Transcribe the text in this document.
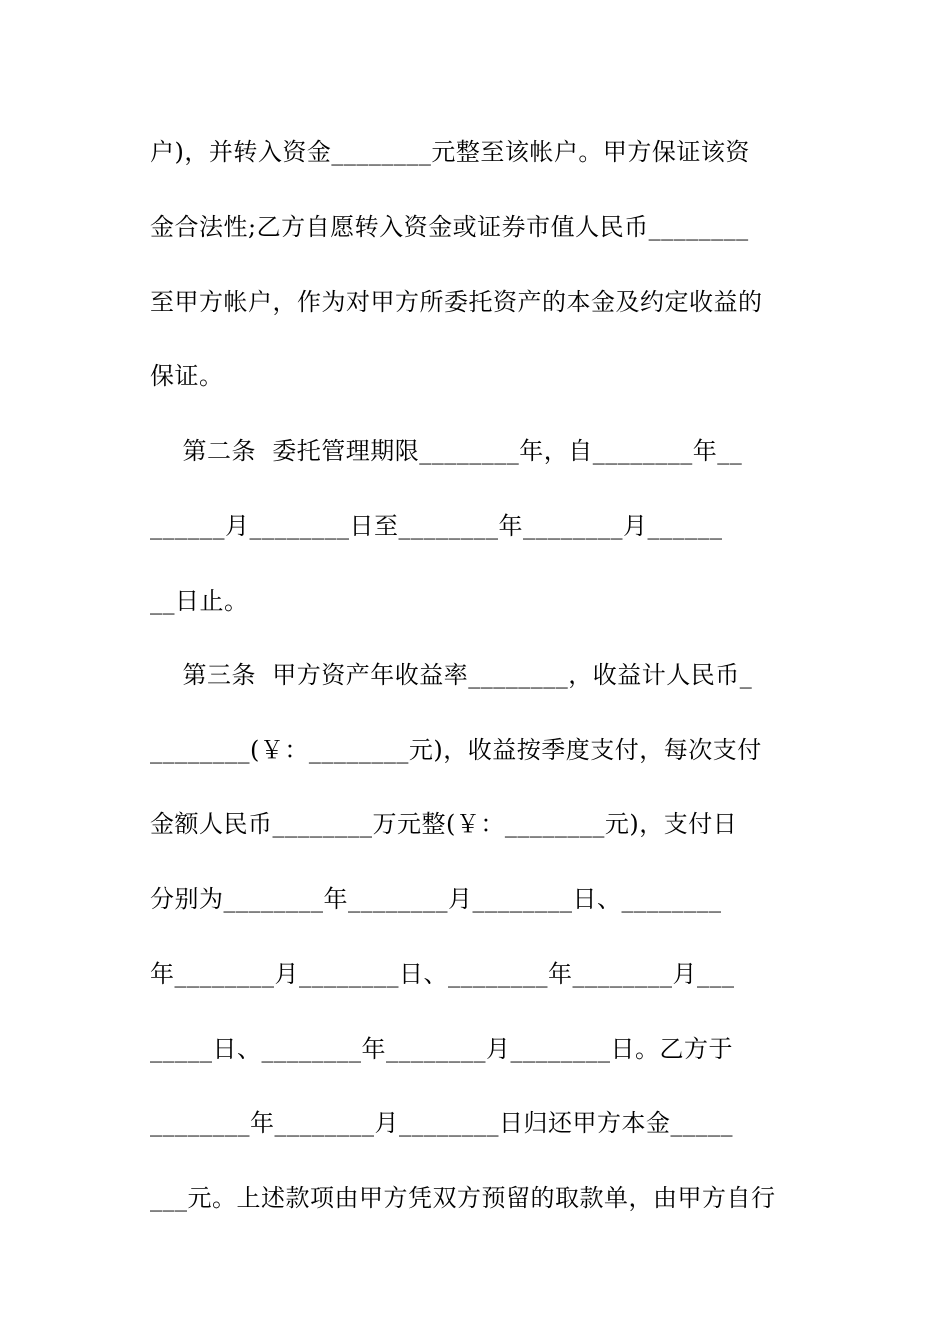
户)，并转入资金________元整至该帐户。甲方保证该资
金合法性;乙方自愿转入资金或证券市值人民币________
至甲方帐户，作为对甲方所委托资产的本金及约定收益的
保证。
第二条  委托管理期限________年，自________年__
______月________日至________年________月______
__日止。
第三条  甲方资产年收益率________，收益计人民币_
________(￥：________元)，收益按季度支付，每次支付
金额人民币________万元整(￥：________元)，支付日
分别为________年________月________日、________
年________月________日、________年________月___
_____日、________年________月________日。乙方于
________年________月________日归还甲方本金_____
___元。上述款项由甲方凭双方预留的取款单，由甲方自行
